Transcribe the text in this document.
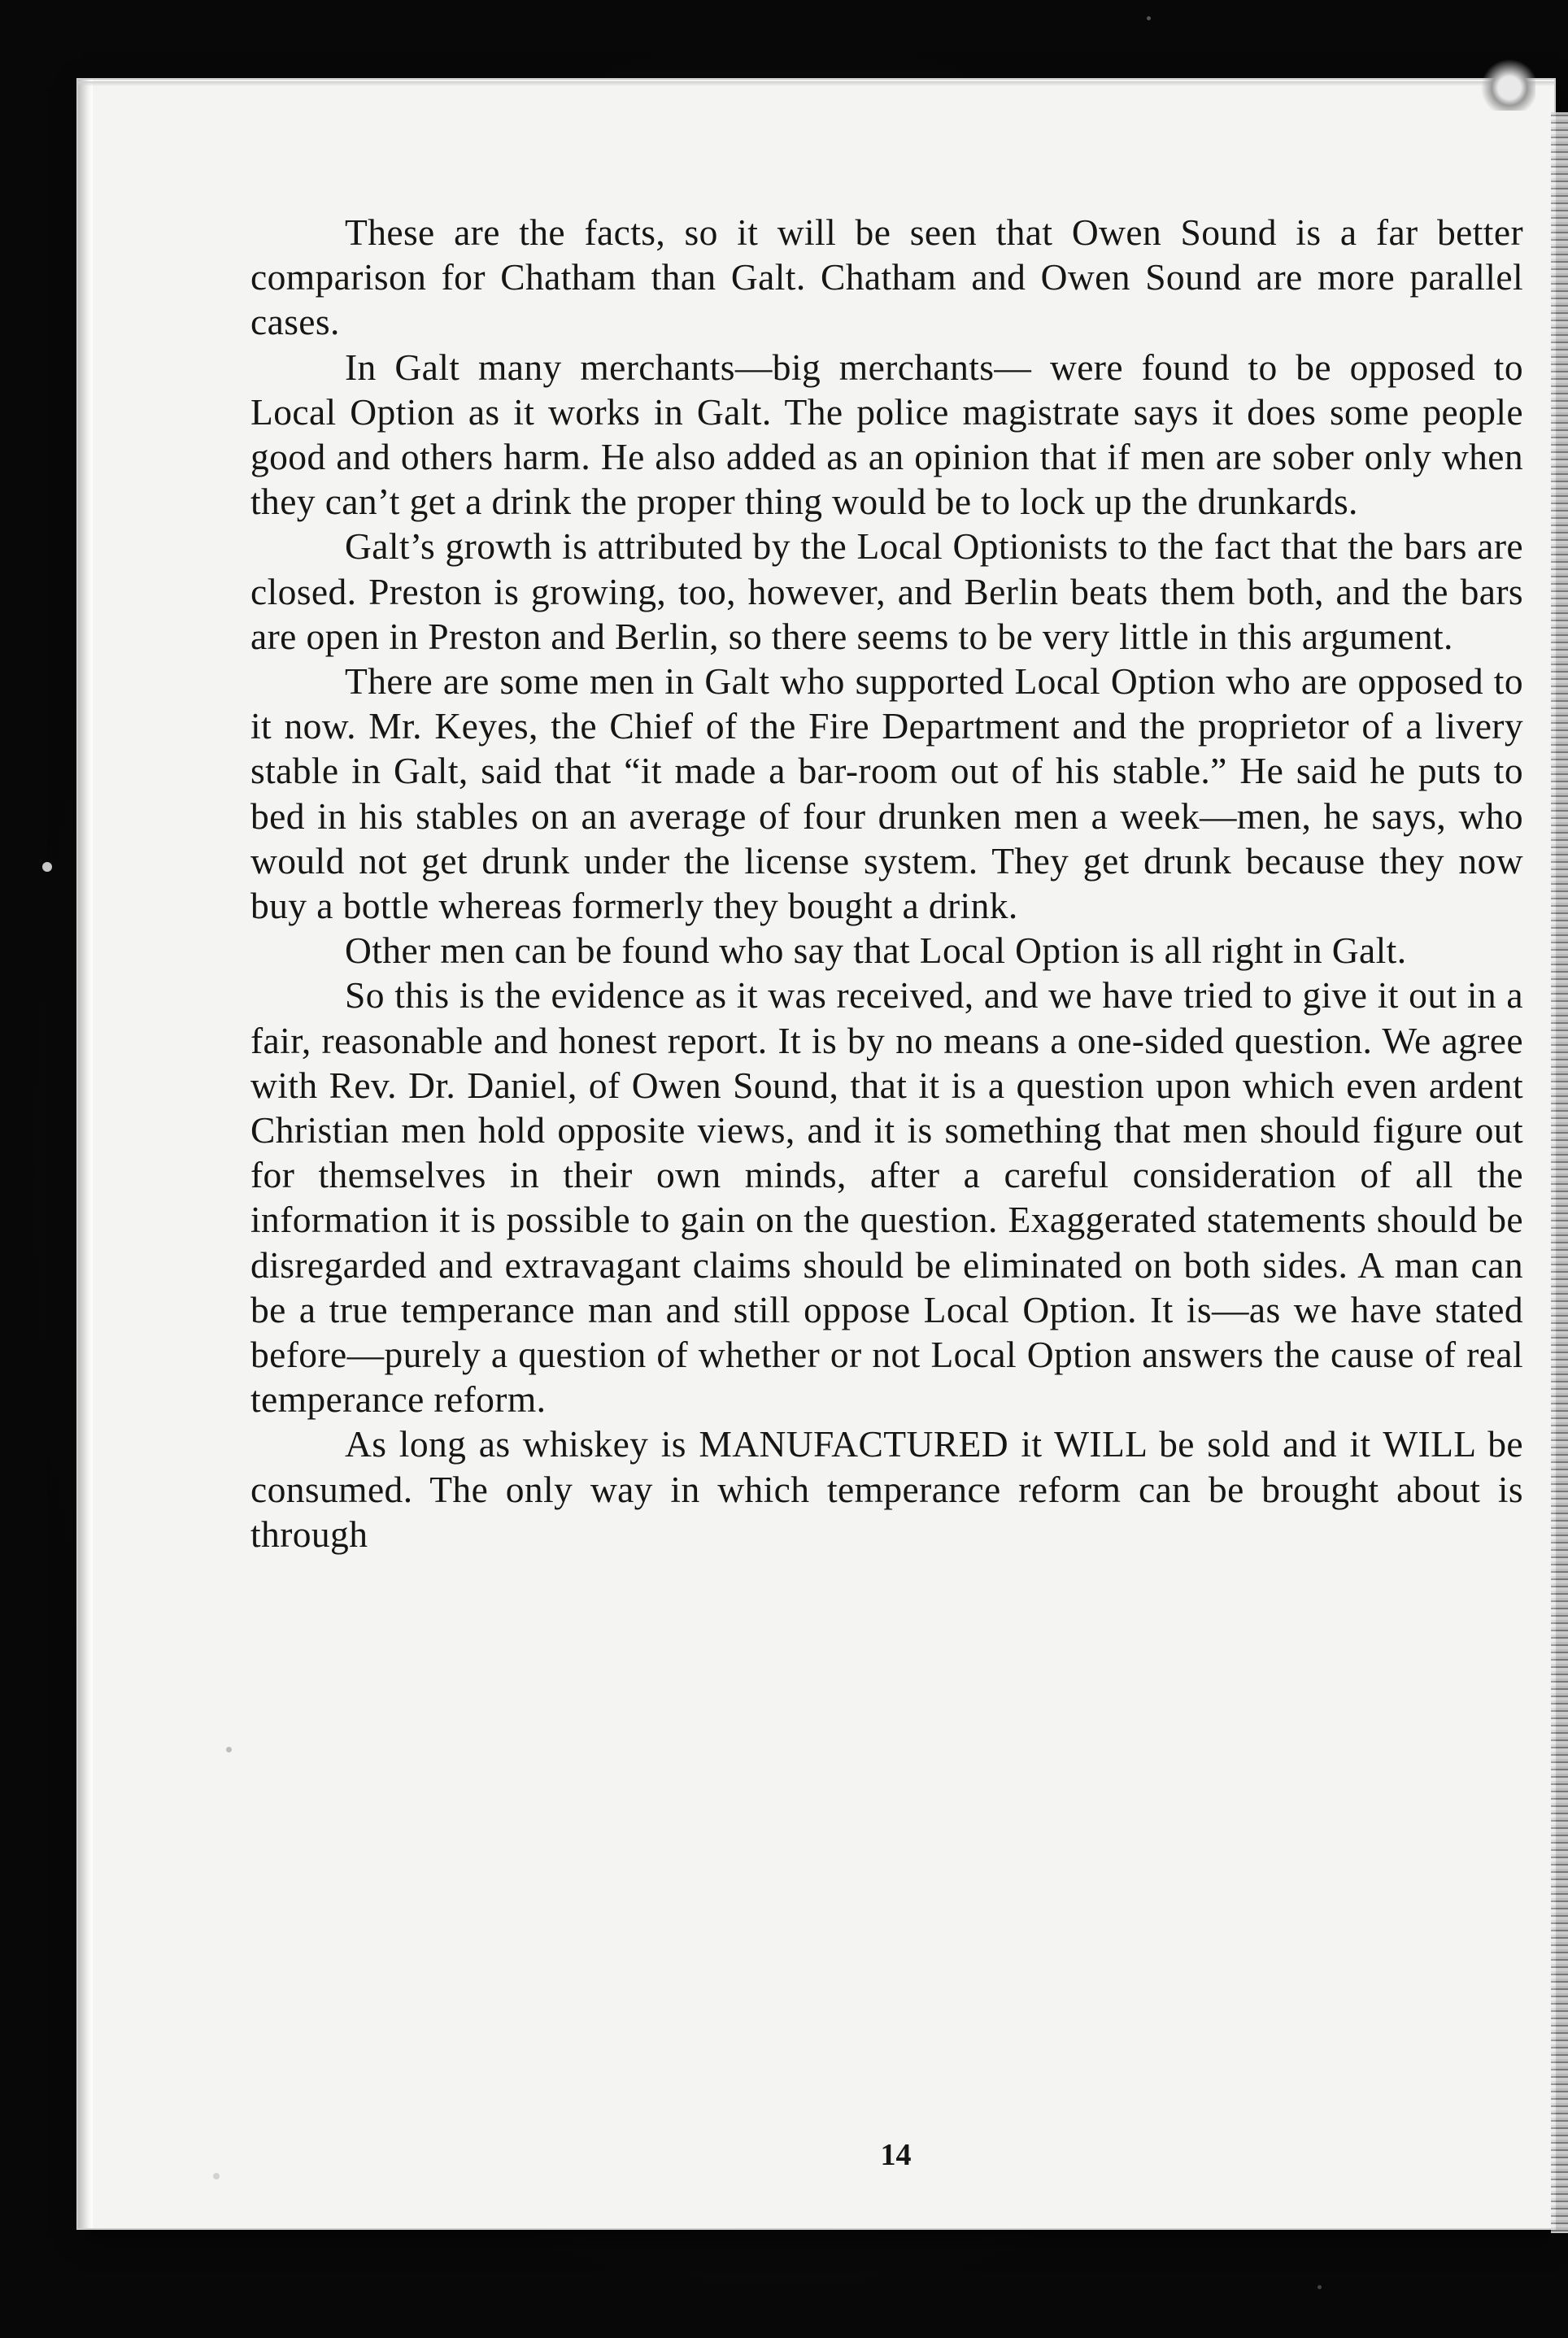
These are the facts, so it will be seen that Owen Sound is a far better comparison for Chatham than Galt. Chatham and Owen Sound are more parallel cases.

In Galt many merchants—big merchants— were found to be opposed to Local Option as it works in Galt. The police magistrate says it does some people good and others harm. He also added as an opinion that if men are sober only when they can’t get a drink the proper thing would be to lock up the drunkards.

Galt’s growth is attributed by the Local Optionists to the fact that the bars are closed. Preston is growing, too, however, and Berlin beats them both, and the bars are open in Preston and Berlin, so there seems to be very little in this argument.

There are some men in Galt who supported Local Option who are opposed to it now. Mr. Keyes, the Chief of the Fire Department and the proprietor of a livery stable in Galt, said that “it made a bar-room out of his stable.” He said he puts to bed in his stables on an average of four drunken men a week—men, he says, who would not get drunk under the license system. They get drunk because they now buy a bottle whereas formerly they bought a drink.

Other men can be found who say that Local Option is all right in Galt.

So this is the evidence as it was received, and we have tried to give it out in a fair, reasonable and honest report. It is by no means a one-sided question. We agree with Rev. Dr. Daniel, of Owen Sound, that it is a question upon which even ardent Christian men hold opposite views, and it is something that men should figure out for themselves in their own minds, after a careful consideration of all the information it is possible to gain on the question. Exaggerated statements should be disregarded and extravagant claims should be eliminated on both sides. A man can be a true temperance man and still oppose Local Option. It is—as we have stated before—purely a question of whether or not Local Option answers the cause of real temperance reform.

As long as whiskey is MANUFACTURED it WILL be sold and it WILL be consumed. The only way in which temperance reform can be brought about is through

14
